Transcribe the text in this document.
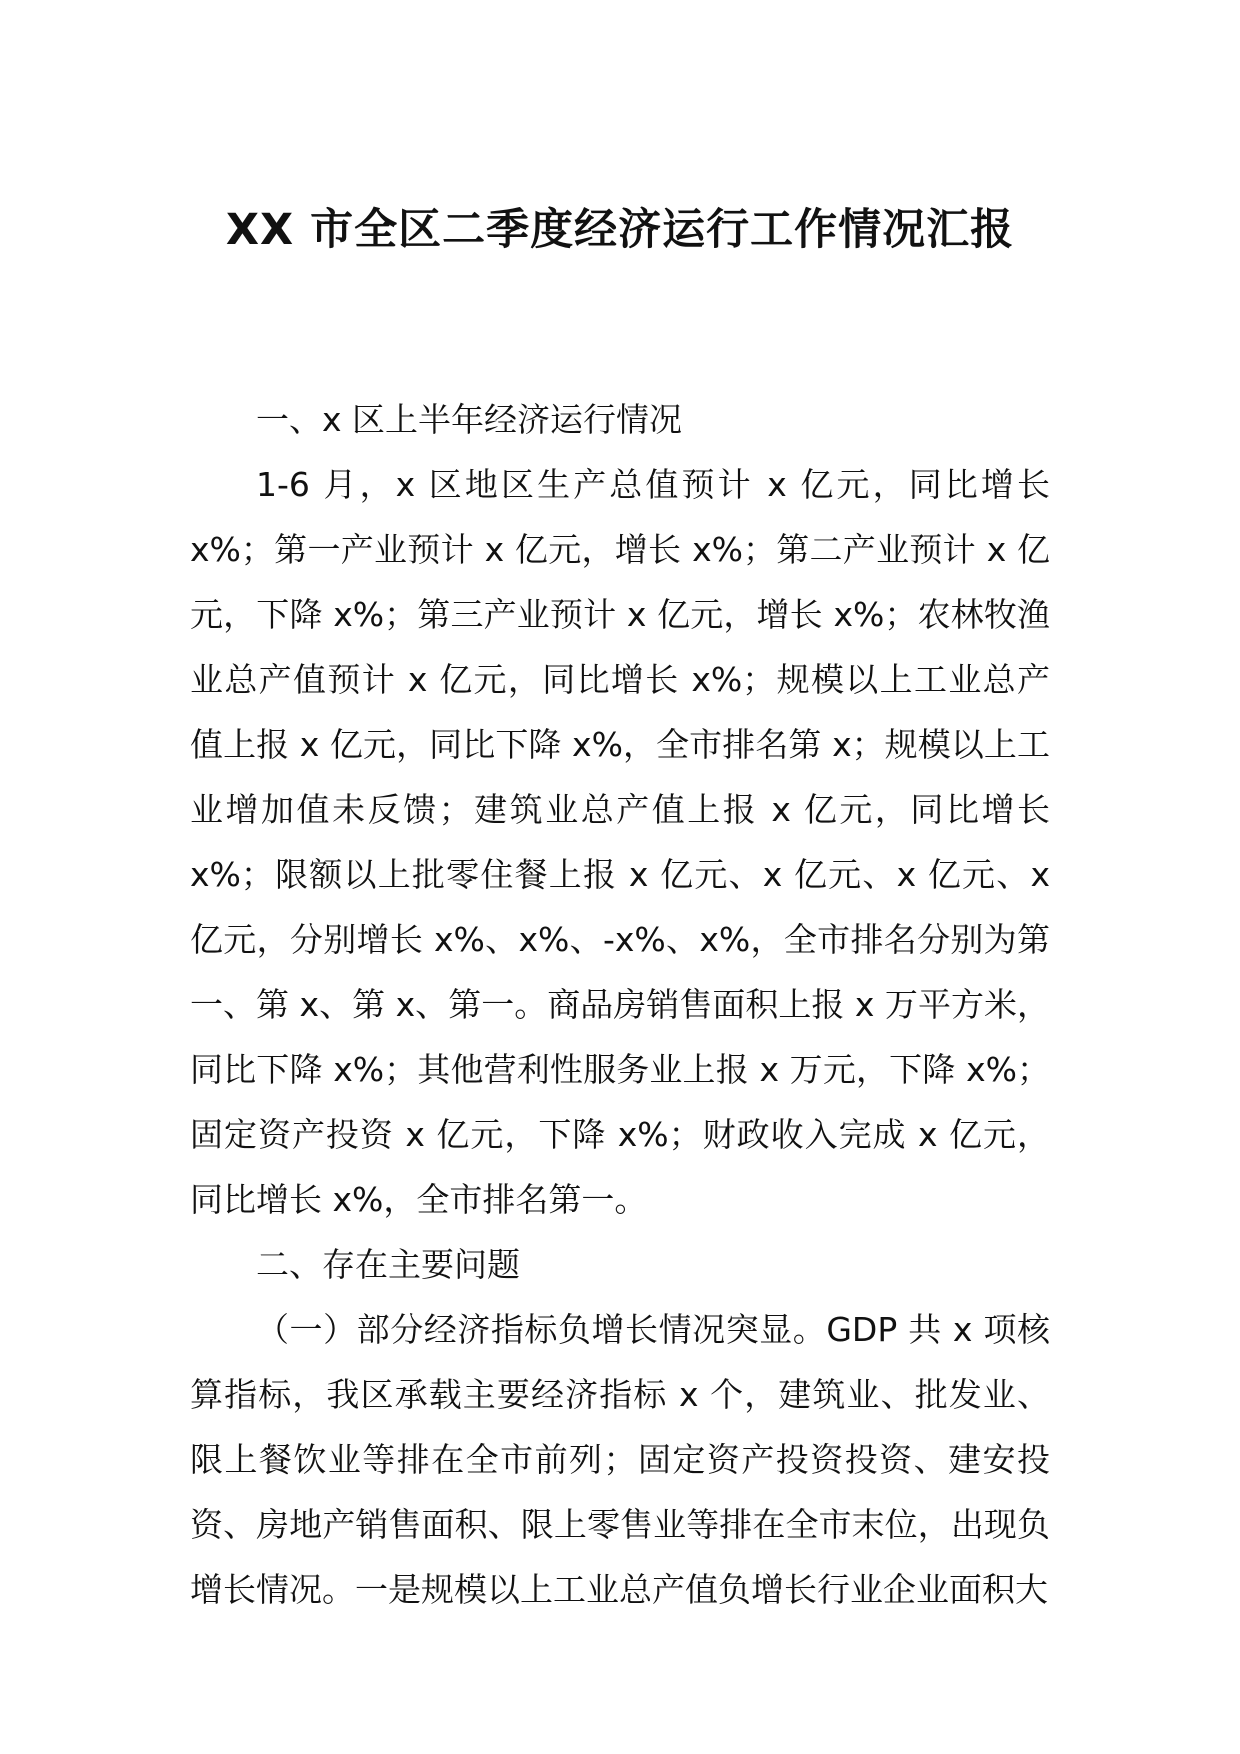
XX 市全区二季度经济运行工作情况汇报

一、x 区上半年经济运行情况

1-6 月，x 区地区生产总值预计 x 亿元，同比增长 x%；第一产业预计 x 亿元，增长 x%；第二产业预计 x 亿元，下降 x%；第三产业预计 x 亿元，增长 x%；农林牧渔业总产值预计 x 亿元，同比增长 x%；规模以上工业总产值上报 x 亿元，同比下降 x%，全市排名第 x；规模以上工业增加值未反馈；建筑业总产值上报 x 亿元，同比增长 x%；限额以上批零住餐上报 x 亿元、x 亿元、x 亿元、x 亿元，分别增长 x%、x%、-x%、x%，全市排名分别为第一、第 x、第 x、第一。商品房销售面积上报 x 万平方米，同比下降 x%；其他营利性服务业上报 x 万元，下降 x%；固定资产投资 x 亿元，下降 x%；财政收入完成 x 亿元，同比增长 x%，全市排名第一。

二、存在主要问题

（一）部分经济指标负增长情况突显。GDP 共 x 项核算指标，我区承载主要经济指标 x 个，建筑业、批发业、限上餐饮业等排在全市前列；固定资产投资投资、建安投资、房地产销售面积、限上零售业等排在全市末位，出现负增长情况。一是规模以上工业总产值负增长行业企业面积大
